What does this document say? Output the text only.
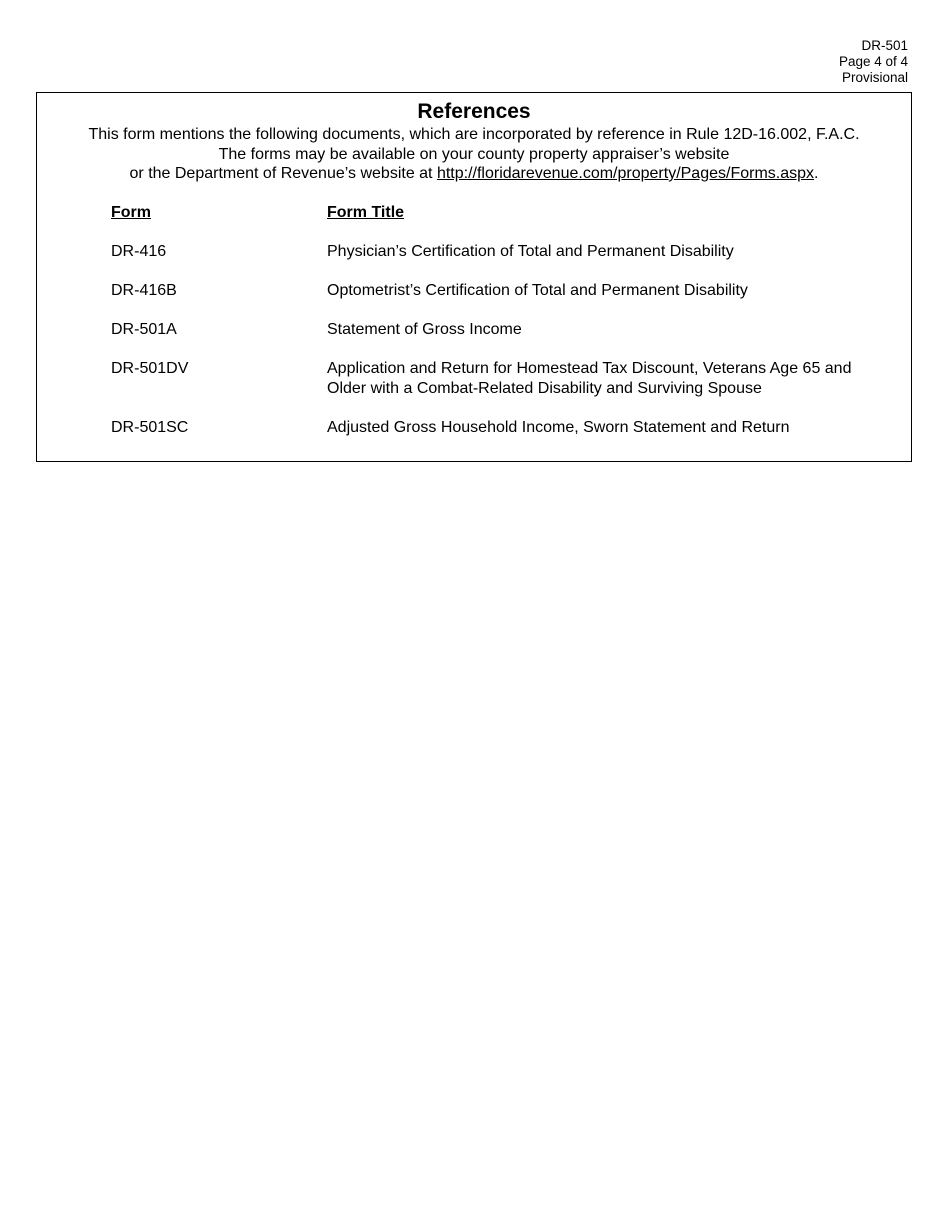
DR-501
Page 4 of 4
Provisional
References
This form mentions the following documents, which are incorporated by reference in Rule 12D-16.002, F.A.C.
The forms may be available on your county property appraiser’s website
or the Department of Revenue’s website at http://floridarevenue.com/property/Pages/Forms.aspx.
Form	Form Title
DR-416	Physician’s Certification of Total and Permanent Disability
DR-416B	Optometrist’s Certification of Total and Permanent Disability
DR-501A	Statement of Gross Income
DR-501DV	Application and Return for Homestead Tax Discount, Veterans Age 65 and
Older with a Combat-Related Disability and Surviving Spouse
DR-501SC	Adjusted Gross Household Income, Sworn Statement and Return
